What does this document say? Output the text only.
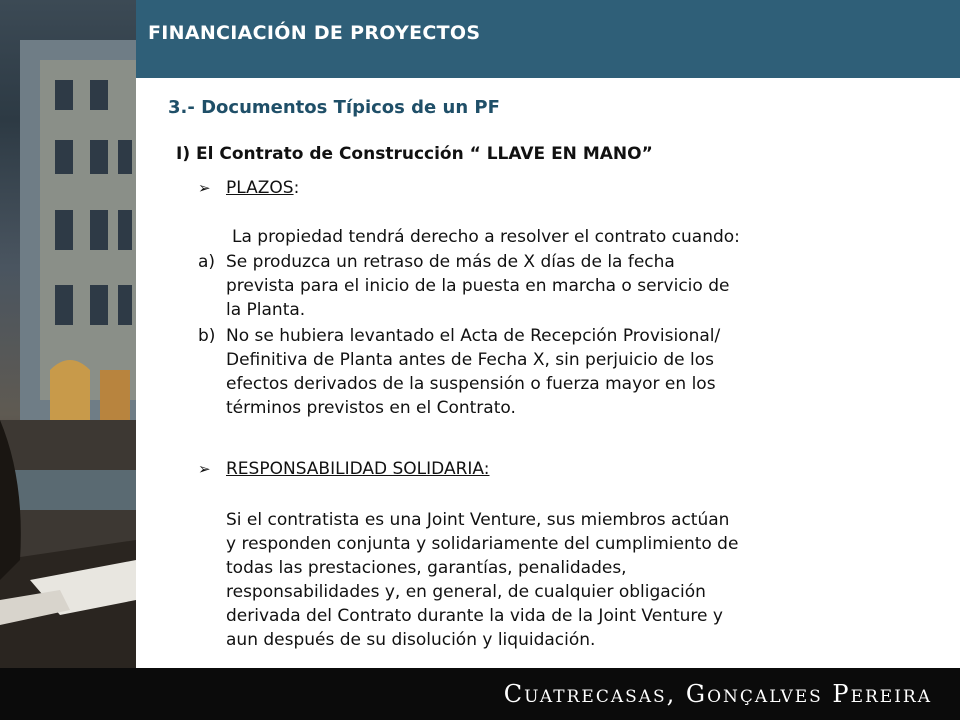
FINANCIACIÓN DE PROYECTOS
3.- Documentos Típicos de un PF
I) El Contrato de Construcción “ LLAVE EN MANO”
➢ PLAZOS:
La propiedad tendrá derecho a resolver el contrato cuando:
a) Se produzca un retraso de más de X días de la fecha
prevista para el inicio de la puesta en marcha o servicio de
la Planta.
b) No se hubiera levantado el Acta de Recepción Provisional/
Definitiva de Planta antes de Fecha X, sin perjuicio de los
efectos derivados de la suspensión o fuerza mayor en los
términos previstos en el Contrato.
➢ RESPONSABILIDAD SOLIDARIA:
Si el contratista es una Joint Venture, sus miembros actúan
y responden conjunta y solidariamente del cumplimiento de
todas las prestaciones, garantías, penalidades,
responsabilidades y, en general, de cualquier obligación
derivada del Contrato durante la vida de la Joint Venture y
aun después de su disolución y liquidación.
Cuatrecasas, Gonçalves Pereira
